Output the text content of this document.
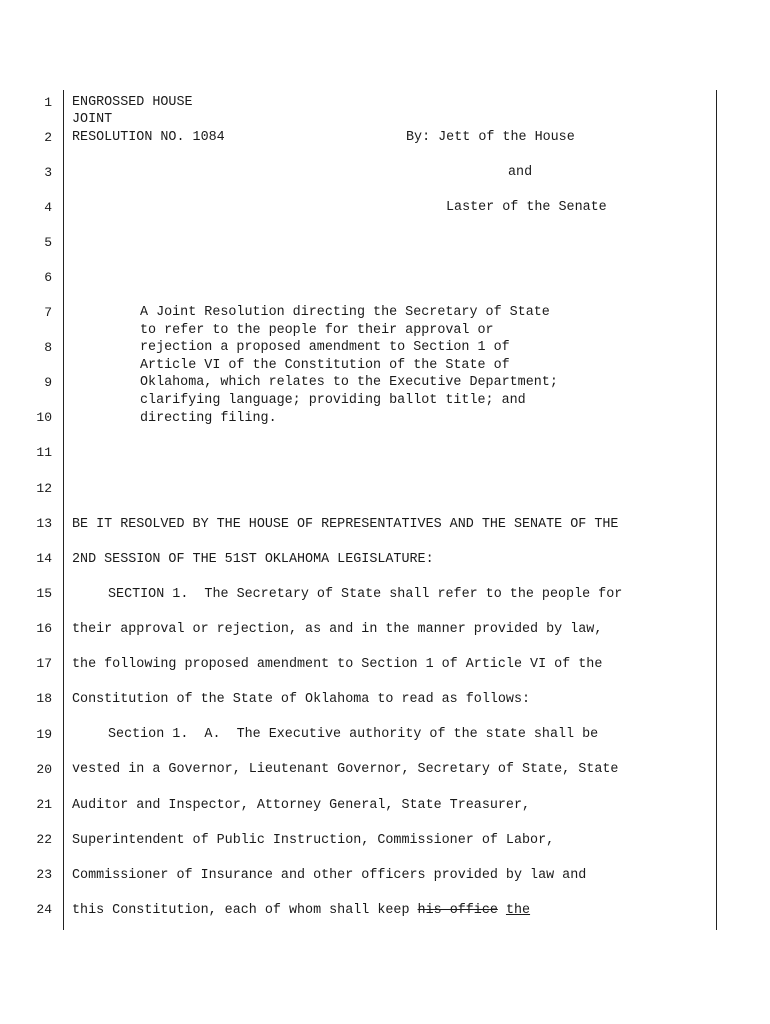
1
2
3
4
5
6
7
8
9
10
11
12
13
14
15
16
17
18
19
20
21
22
23
24
ENGROSSED HOUSE
JOINT
RESOLUTION NO. 1084	By: Jett of the House
and
Laster of the Senate
A Joint Resolution directing the Secretary of State
to refer to the people for their approval or
rejection a proposed amendment to Section 1 of
Article VI of the Constitution of the State of
Oklahoma, which relates to the Executive Department;
clarifying language; providing ballot title; and
directing filing.
BE IT RESOLVED BY THE HOUSE OF REPRESENTATIVES AND THE SENATE OF THE
2ND SESSION OF THE 51ST OKLAHOMA LEGISLATURE:
SECTION 1.  The Secretary of State shall refer to the people for
their approval or rejection, as and in the manner provided by law,
the following proposed amendment to Section 1 of Article VI of the
Constitution of the State of Oklahoma to read as follows:
Section 1.  A.  The Executive authority of the state shall be
vested in a Governor, Lieutenant Governor, Secretary of State, State
Auditor and Inspector, Attorney General, State Treasurer,
Superintendent of Public Instruction, Commissioner of Labor,
Commissioner of Insurance and other officers provided by law and
this Constitution, each of whom shall keep his office the
